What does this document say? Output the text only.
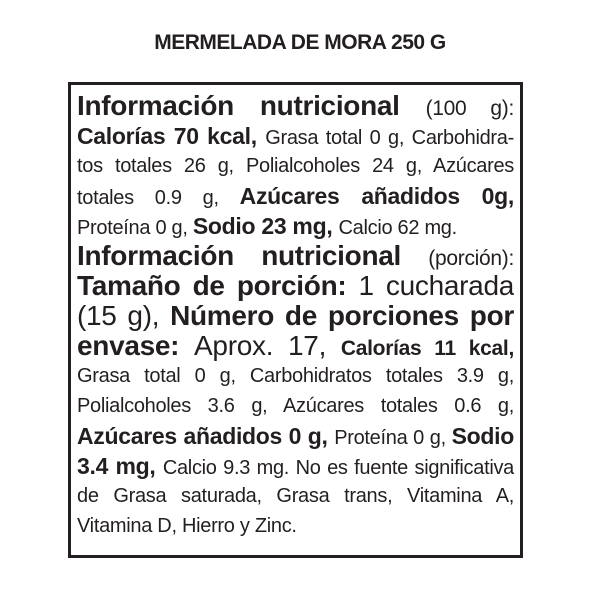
MERMELADA DE MORA 250 G
Información nutricional (100 g):
Calorías 70 kcal, Grasa total 0 g, Carbohidra-
tos totales 26 g, Polialcoholes 24 g, Azúcares
totales 0.9 g, Azúcares añadidos 0g,
Proteína 0 g, Sodio 23 mg, Calcio 62 mg.
Información nutricional (porción):
Tamaño de porción: 1 cucharada
(15 g), Número de porciones por
envase: Aprox. 17, Calorías 11 kcal,
Grasa total 0 g, Carbohidratos totales 3.9 g,
Polialcoholes 3.6 g, Azúcares totales 0.6 g,
Azúcares añadidos 0 g, Proteína 0 g, Sodio
3.4 mg, Calcio 9.3 mg. No es fuente significativa
de Grasa saturada, Grasa trans, Vitamina A,
Vitamina D, Hierro y Zinc.
